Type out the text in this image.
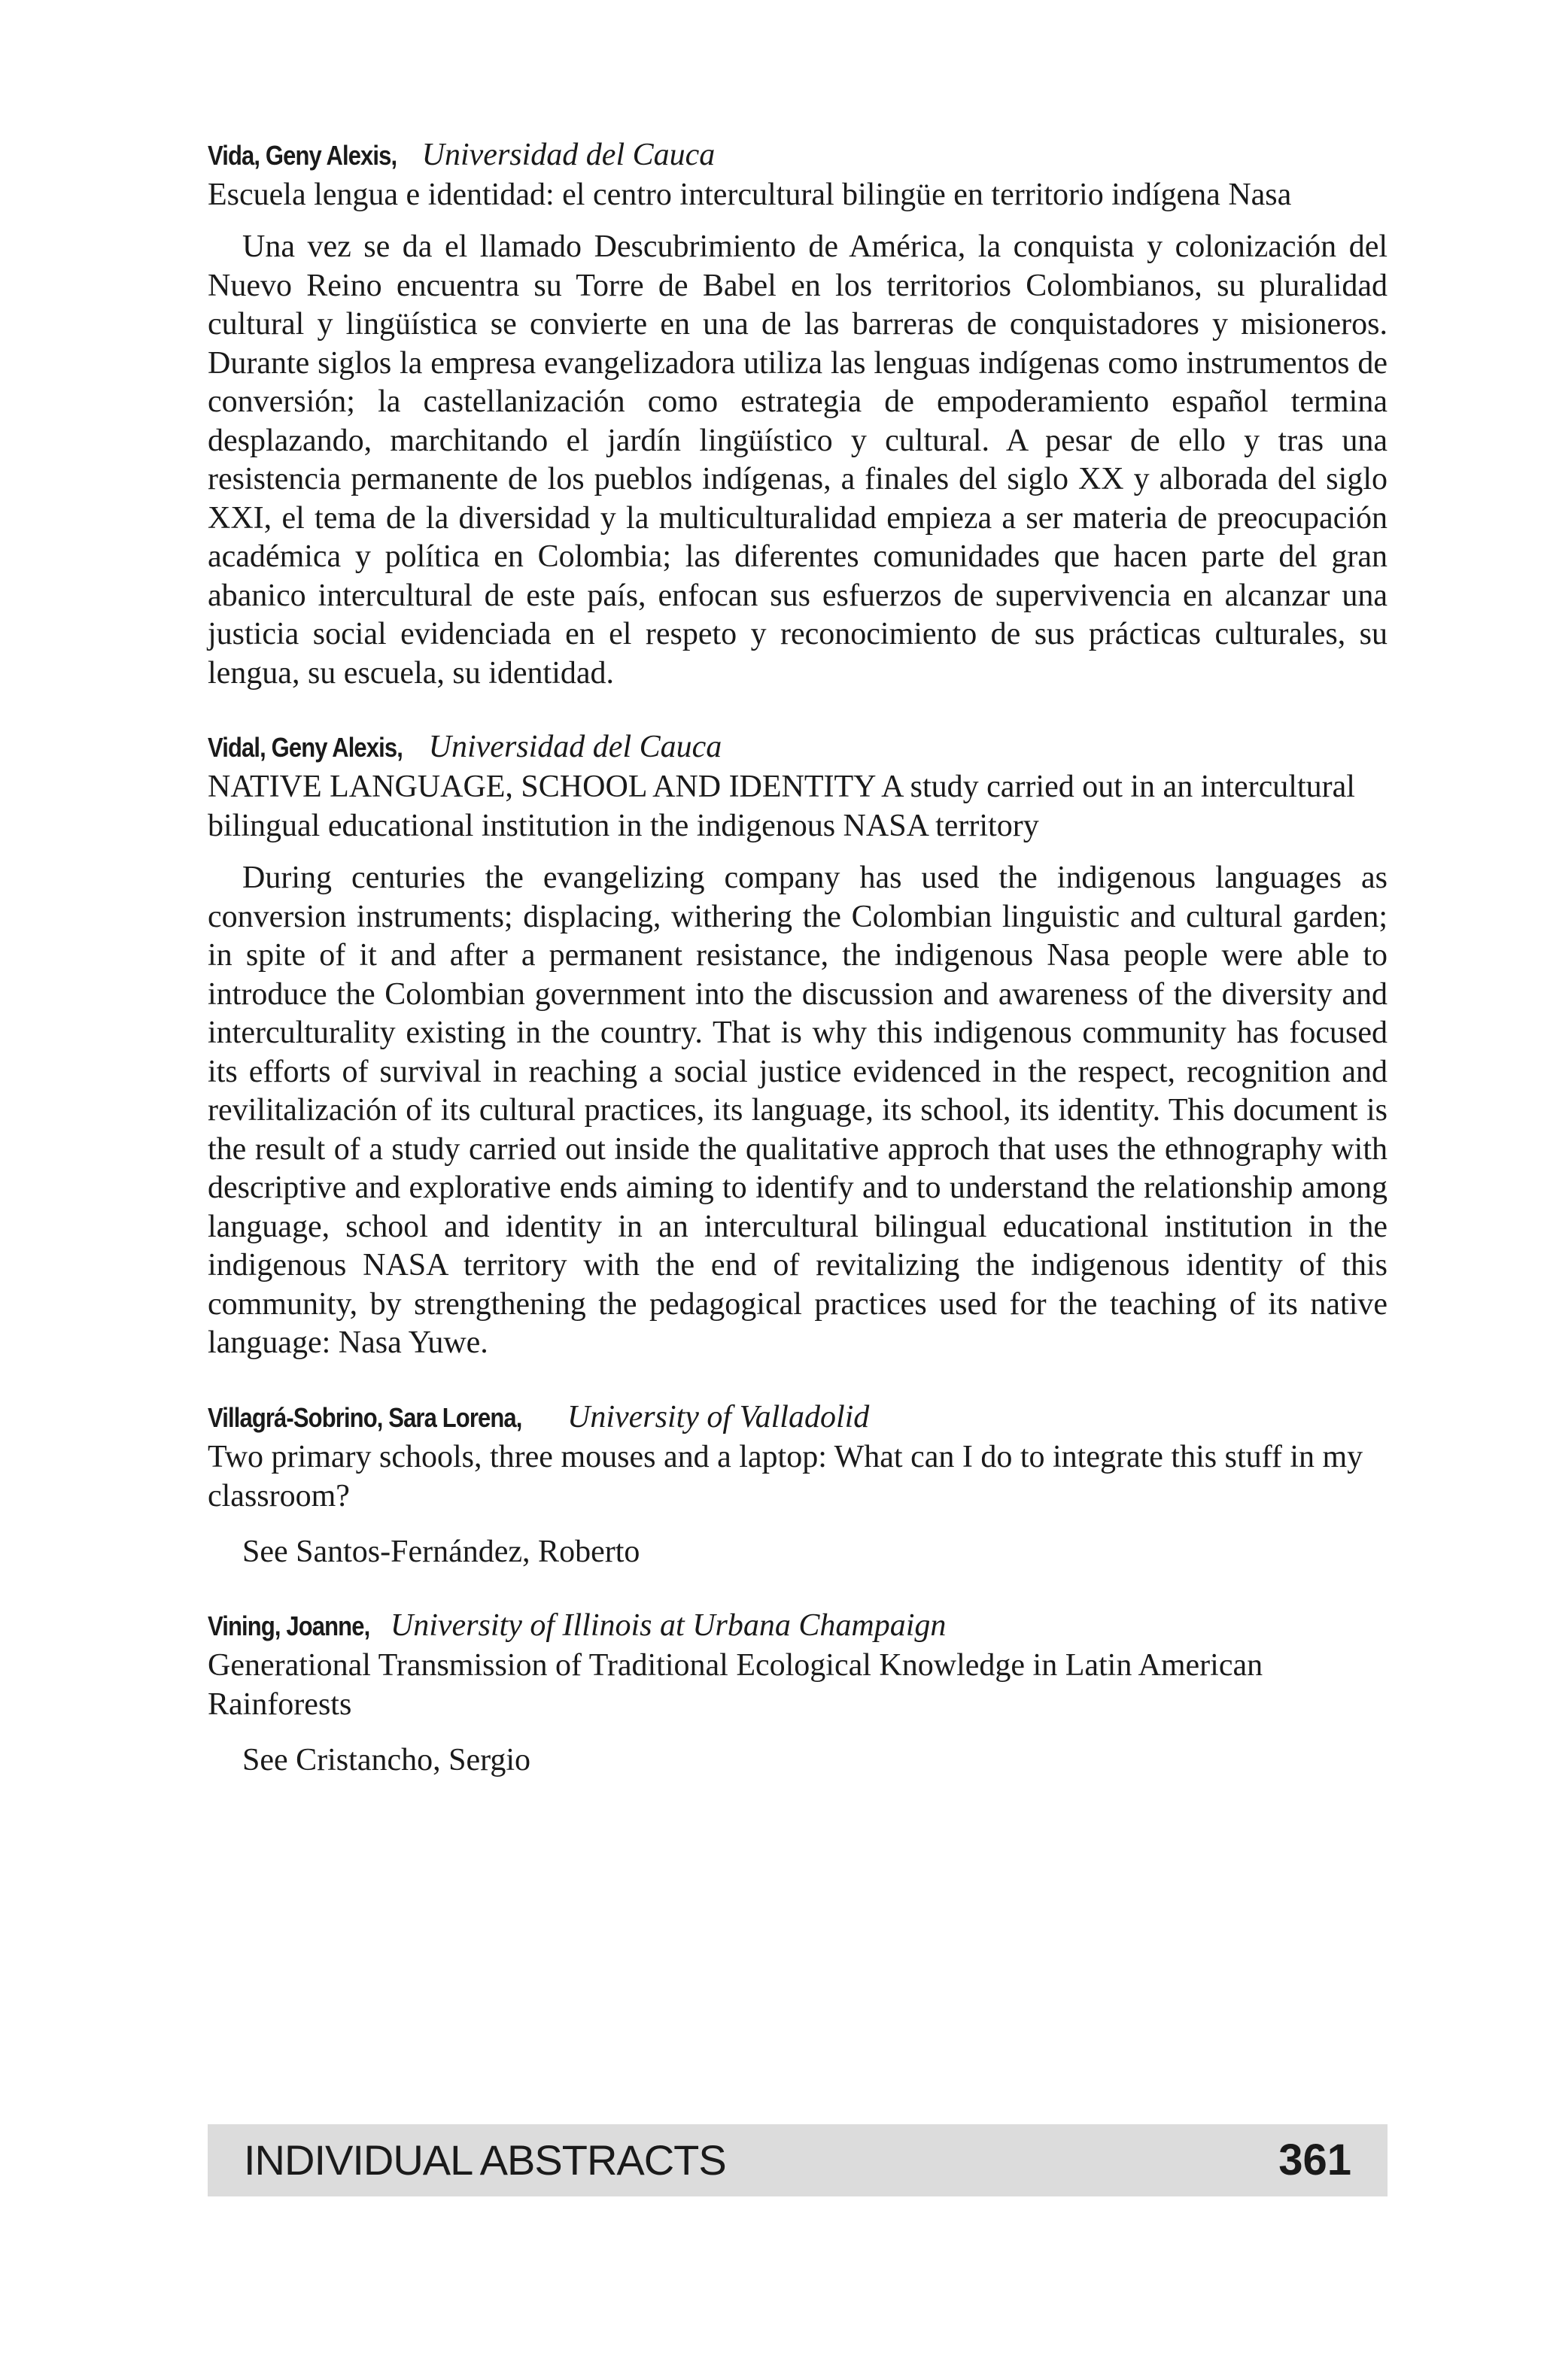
Vida, Geny Alexis, Universidad del Cauca

Escuela lengua e identidad: el centro intercultural bilingüe en territorio indígena Nasa

Una vez se da el llamado Descubrimiento de América, la conquista y colonización del Nuevo Reino encuentra su Torre de Babel en los territorios Colombianos, su pluralidad cultural y lingüística se convierte en una de las barreras de conquistadores y misioneros. Durante siglos la empresa evangelizadora utiliza las lenguas indígenas como instrumentos de conversión; la castellanización como estrategia de empoderamiento español termina desplazando, marchitando el jardín lingüístico y cultural. A pesar de ello y tras una resistencia permanente de los pueblos indígenas, a finales del siglo XX y alborada del siglo XXI, el tema de la diversidad y la multiculturalidad empieza a ser materia de preocupación académica y política en Colombia; las diferentes comunidades que hacen parte del gran abanico intercultural de este país, enfocan sus esfuerzos de supervivencia en alcanzar una justicia social evidenciada en el respeto y reconocimiento de sus prácticas culturales, su lengua, su escuela, su identidad.

Vidal, Geny Alexis, Universidad del Cauca

NATIVE LANGUAGE, SCHOOL AND IDENTITY A study carried out in an intercultural bilingual educational institution in the indigenous NASA territory

During centuries the evangelizing company has used the indigenous languages as conversion instruments; displacing, withering the Colombian linguistic and cultural garden; in spite of it and after a permanent resistance, the indigenous Nasa people were able to introduce the Colombian government into the discussion and awareness of the diversity and interculturality existing in the country. That is why this indigenous community has focused its efforts of survival in reaching a social justice evidenced in the respect, recognition and revilitalización of its cultural practices, its language, its school, its identity. This document is the result of a study carried out inside the qualitative approch that uses the ethnography with descriptive and explorative ends aiming to identify and to understand the relationship among language, school and identity in an intercultural bilingual educational institution in the indigenous NASA territory with the end of revitalizing the indigenous identity of this community, by strengthening the pedagogical practices used for the teaching of its native language: Nasa Yuwe.

Villagrá-Sobrino, Sara Lorena, University of Valladolid

Two primary schools, three mouses and a laptop: What can I do to integrate this stuff in my classroom?

See Santos-Fernández, Roberto

Vining, Joanne, University of Illinois at Urbana Champaign

Generational Transmission of Traditional Ecological Knowledge in Latin American Rainforests

See Cristancho, Sergio

INDIVIDUAL ABSTRACTS	361
